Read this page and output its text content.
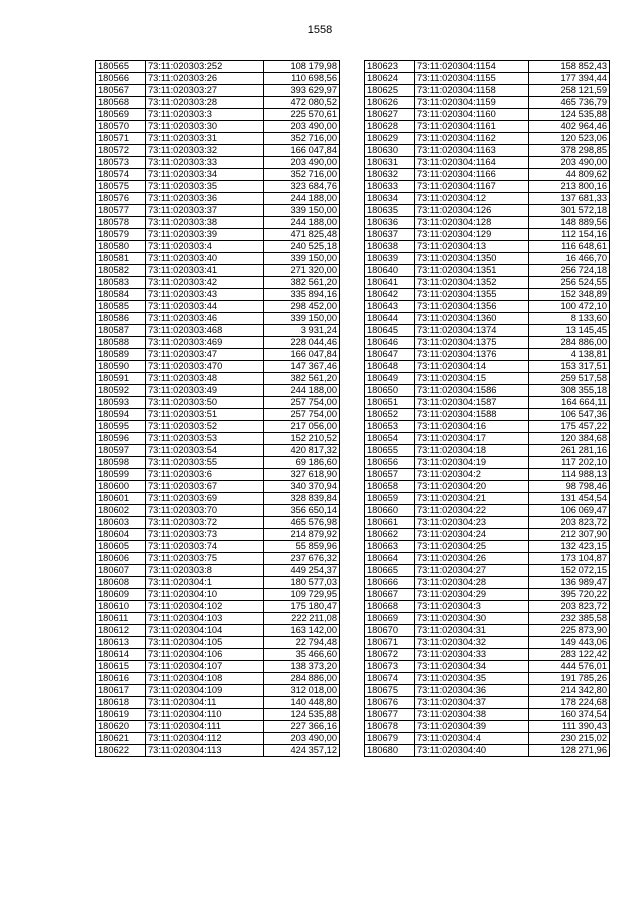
1558
180565	73:11:020303:252	108 179,98
180566	73:11:020303:26	110 698,56
180567	73:11:020303:27	393 629,97
180568	73:11:020303:28	472 080,52
180569	73:11:020303:3	225 570,61
180570	73:11:020303:30	203 490,00
180571	73:11:020303:31	352 716,00
180572	73:11:020303:32	166 047,84
180573	73:11:020303:33	203 490,00
180574	73:11:020303:34	352 716,00
180575	73:11:020303:35	323 684,76
180576	73:11:020303:36	244 188,00
180577	73:11:020303:37	339 150,00
180578	73:11:020303:38	244 188,00
180579	73:11:020303:39	471 825,48
180580	73:11:020303:4	240 525,18
180581	73:11:020303:40	339 150,00
180582	73:11:020303:41	271 320,00
180583	73:11:020303:42	382 561,20
180584	73:11:020303:43	335 894,16
180585	73:11:020303:44	298 452,00
180586	73:11:020303:46	339 150,00
180587	73:11:020303:468	3 931,24
180588	73:11:020303:469	228 044,46
180589	73:11:020303:47	166 047,84
180590	73:11:020303:470	147 367,46
180591	73:11:020303:48	382 561,20
180592	73:11:020303:49	244 188,00
180593	73:11:020303:50	257 754,00
180594	73:11:020303:51	257 754,00
180595	73:11:020303:52	217 056,00
180596	73:11:020303:53	152 210,52
180597	73:11:020303:54	420 817,32
180598	73:11:020303:55	69 186,60
180599	73:11:020303:6	327 618,90
180600	73:11:020303:67	340 370,94
180601	73:11:020303:69	328 839,84
180602	73:11:020303:70	356 650,14
180603	73:11:020303:72	465 576,98
180604	73:11:020303:73	214 879,92
180605	73:11:020303:74	55 859,96
180606	73:11:020303:75	237 676,32
180607	73:11:020303:8	449 254,37
180608	73:11:020304:1	180 577,03
180609	73:11:020304:10	109 729,95
180610	73:11:020304:102	175 180,47
180611	73:11:020304:103	222 211,08
180612	73:11:020304:104	163 142,00
180613	73:11:020304:105	22 794,48
180614	73:11:020304:106	35 466,60
180615	73:11:020304:107	138 373,20
180616	73:11:020304:108	284 886,00
180617	73:11:020304:109	312 018,00
180618	73:11:020304:11	140 448,80
180619	73:11:020304:110	124 535,88
180620	73:11:020304:111	227 366,16
180621	73:11:020304:112	203 490,00
180622	73:11:020304:113	424 357,12
180623	73:11:020304:1154	158 852,43
180624	73:11:020304:1155	177 394,44
180625	73:11:020304:1158	258 121,59
180626	73:11:020304:1159	465 736,79
180627	73:11:020304:1160	124 535,88
180628	73:11:020304:1161	402 964,46
180629	73:11:020304:1162	120 523,06
180630	73:11:020304:1163	378 298,85
180631	73:11:020304:1164	203 490,00
180632	73:11:020304:1166	44 809,62
180633	73:11:020304:1167	213 800,16
180634	73:11:020304:12	137 681,33
180635	73:11:020304:126	301 572,18
180636	73:11:020304:128	148 889,56
180637	73:11:020304:129	112 154,16
180638	73:11:020304:13	116 648,61
180639	73:11:020304:1350	16 466,70
180640	73:11:020304:1351	256 724,18
180641	73:11:020304:1352	256 524,55
180642	73:11:020304:1355	152 348,89
180643	73:11:020304:1356	100 472,10
180644	73:11:020304:1360	8 133,60
180645	73:11:020304:1374	13 145,45
180646	73:11:020304:1375	284 886,00
180647	73:11:020304:1376	4 138,81
180648	73:11:020304:14	153 317,51
180649	73:11:020304:15	259 517,58
180650	73:11:020304:1586	308 355,18
180651	73:11:020304:1587	164 664,11
180652	73:11:020304:1588	106 547,36
180653	73:11:020304:16	175 457,22
180654	73:11:020304:17	120 384,68
180655	73:11:020304:18	261 281,16
180656	73:11:020304:19	117 202,10
180657	73:11:020304:2	114 988,13
180658	73:11:020304:20	98 798,46
180659	73:11:020304:21	131 454,54
180660	73:11:020304:22	106 069,47
180661	73:11:020304:23	203 823,72
180662	73:11:020304:24	212 307,90
180663	73:11:020304:25	132 423,15
180664	73:11:020304:26	173 104,87
180665	73:11:020304:27	152 072,15
180666	73:11:020304:28	136 989,47
180667	73:11:020304:29	395 720,22
180668	73:11:020304:3	203 823,72
180669	73:11:020304:30	232 385,58
180670	73:11:020304:31	225 873,90
180671	73:11:020304:32	149 443,06
180672	73:11:020304:33	283 122,42
180673	73:11:020304:34	444 576,01
180674	73:11:020304:35	191 785,26
180675	73:11:020304:36	214 342,80
180676	73:11:020304:37	178 224,68
180677	73:11:020304:38	160 374,54
180678	73:11:020304:39	111 390,43
180679	73:11:020304:4	230 215,02
180680	73:11:020304:40	128 271,96
